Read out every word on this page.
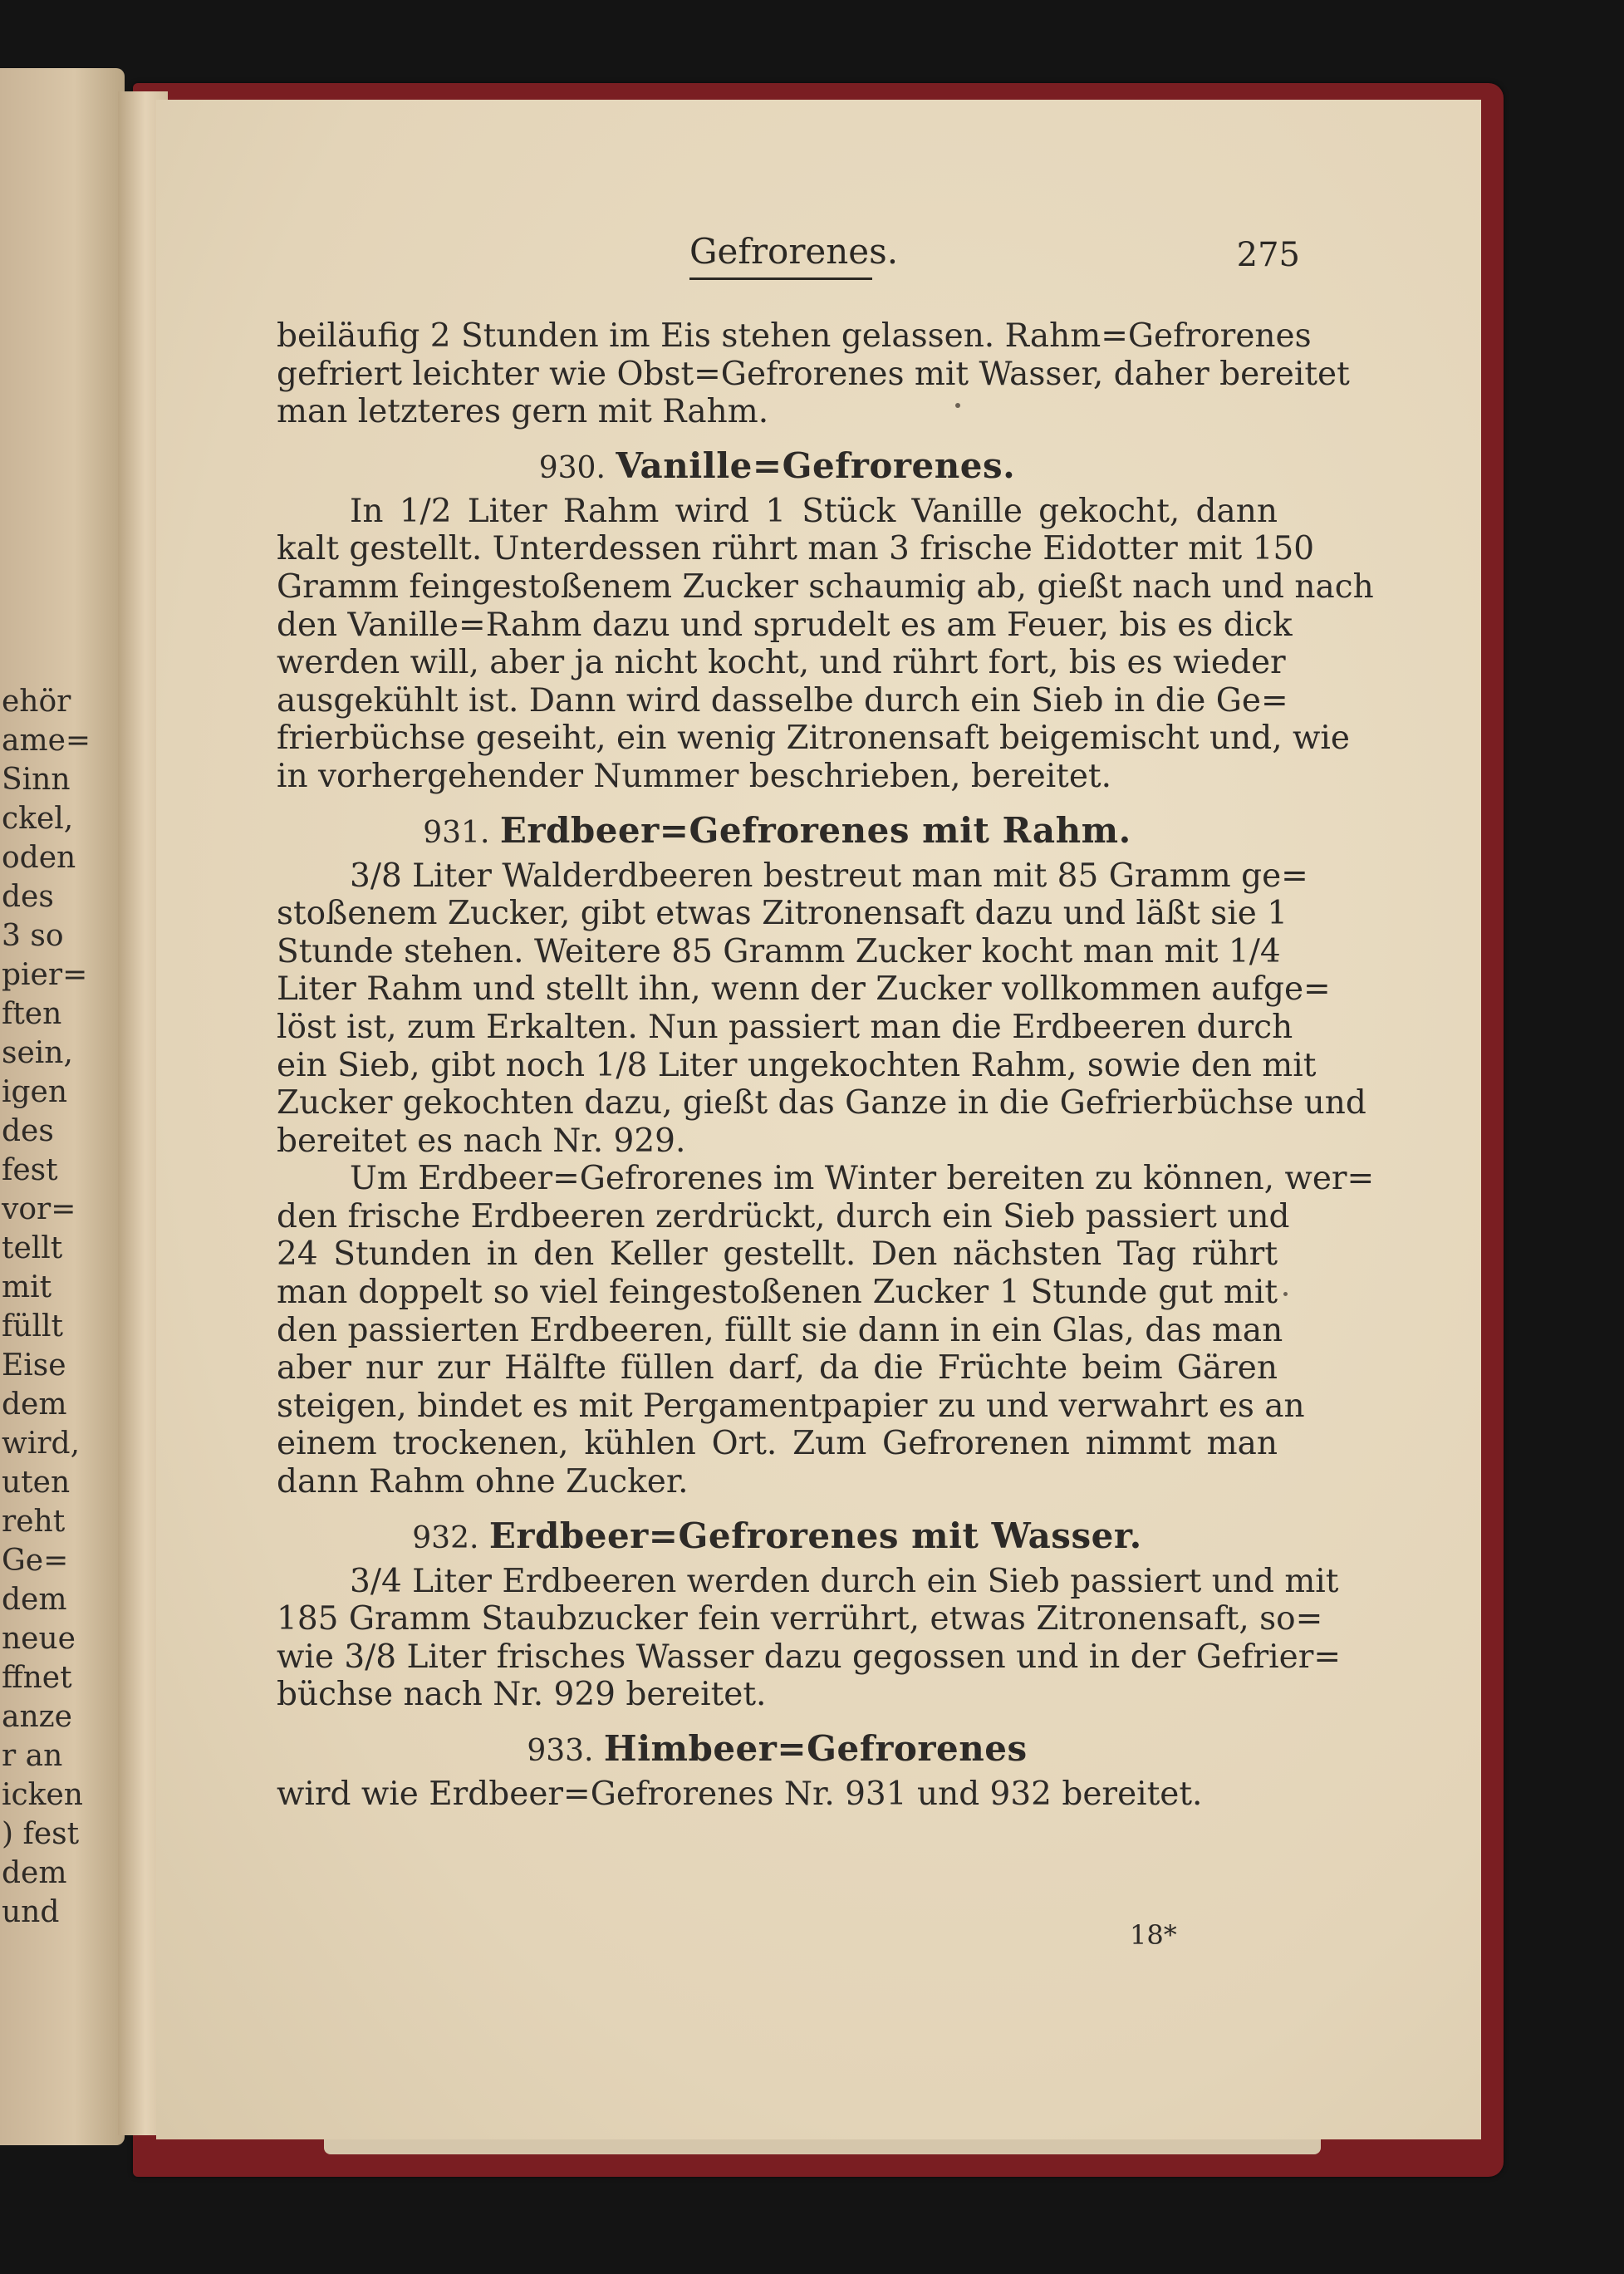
ehör
ame=
Sinn
ckel,
oden
des
3 so
pier=
ften
sein,
igen
des
fest
vor=
tellt
mit
füllt
Eise
dem
wird,
uten
reht
Ge=
dem
neue
ffnet
anze
r an
icken
) fest
dem
und
Gefrorenes.	275
beiläufig 2 Stunden im Eis stehen gelassen. Rahm=Gefrorenes
gefriert leichter wie Obst=Gefrorenes mit Wasser, daher bereitet
man letzteres gern mit Rahm.
930. Vanille=Gefrorenes.
In 1/2 Liter Rahm wird 1 Stück Vanille gekocht, dann
kalt gestellt. Unterdessen rührt man 3 frische Eidotter mit 150
Gramm feingestoßenem Zucker schaumig ab, gießt nach und nach
den Vanille=Rahm dazu und sprudelt es am Feuer, bis es dick
werden will, aber ja nicht kocht, und rührt fort, bis es wieder
ausgekühlt ist. Dann wird dasselbe durch ein Sieb in die Ge=
frierbüchse geseiht, ein wenig Zitronensaft beigemischt und, wie
in vorhergehender Nummer beschrieben, bereitet.
931. Erdbeer=Gefrorenes mit Rahm.
3/8 Liter Walderdbeeren bestreut man mit 85 Gramm ge=
stoßenem Zucker, gibt etwas Zitronensaft dazu und läßt sie 1
Stunde stehen. Weitere 85 Gramm Zucker kocht man mit 1/4
Liter Rahm und stellt ihn, wenn der Zucker vollkommen aufge=
löst ist, zum Erkalten. Nun passiert man die Erdbeeren durch
ein Sieb, gibt noch 1/8 Liter ungekochten Rahm, sowie den mit
Zucker gekochten dazu, gießt das Ganze in die Gefrierbüchse und
bereitet es nach Nr. 929.
Um Erdbeer=Gefrorenes im Winter bereiten zu können, wer=
den frische Erdbeeren zerdrückt, durch ein Sieb passiert und
24 Stunden in den Keller gestellt. Den nächsten Tag rührt
man doppelt so viel feingestoßenen Zucker 1 Stunde gut mit
den passierten Erdbeeren, füllt sie dann in ein Glas, das man
aber nur zur Hälfte füllen darf, da die Früchte beim Gären
steigen, bindet es mit Pergamentpapier zu und verwahrt es an
einem trockenen, kühlen Ort. Zum Gefrorenen nimmt man
dann Rahm ohne Zucker.
932. Erdbeer=Gefrorenes mit Wasser.
3/4 Liter Erdbeeren werden durch ein Sieb passiert und mit
185 Gramm Staubzucker fein verrührt, etwas Zitronensaft, so=
wie 3/8 Liter frisches Wasser dazu gegossen und in der Gefrier=
büchse nach Nr. 929 bereitet.
933. Himbeer=Gefrorenes
wird wie Erdbeer=Gefrorenes Nr. 931 und 932 bereitet.
18*
